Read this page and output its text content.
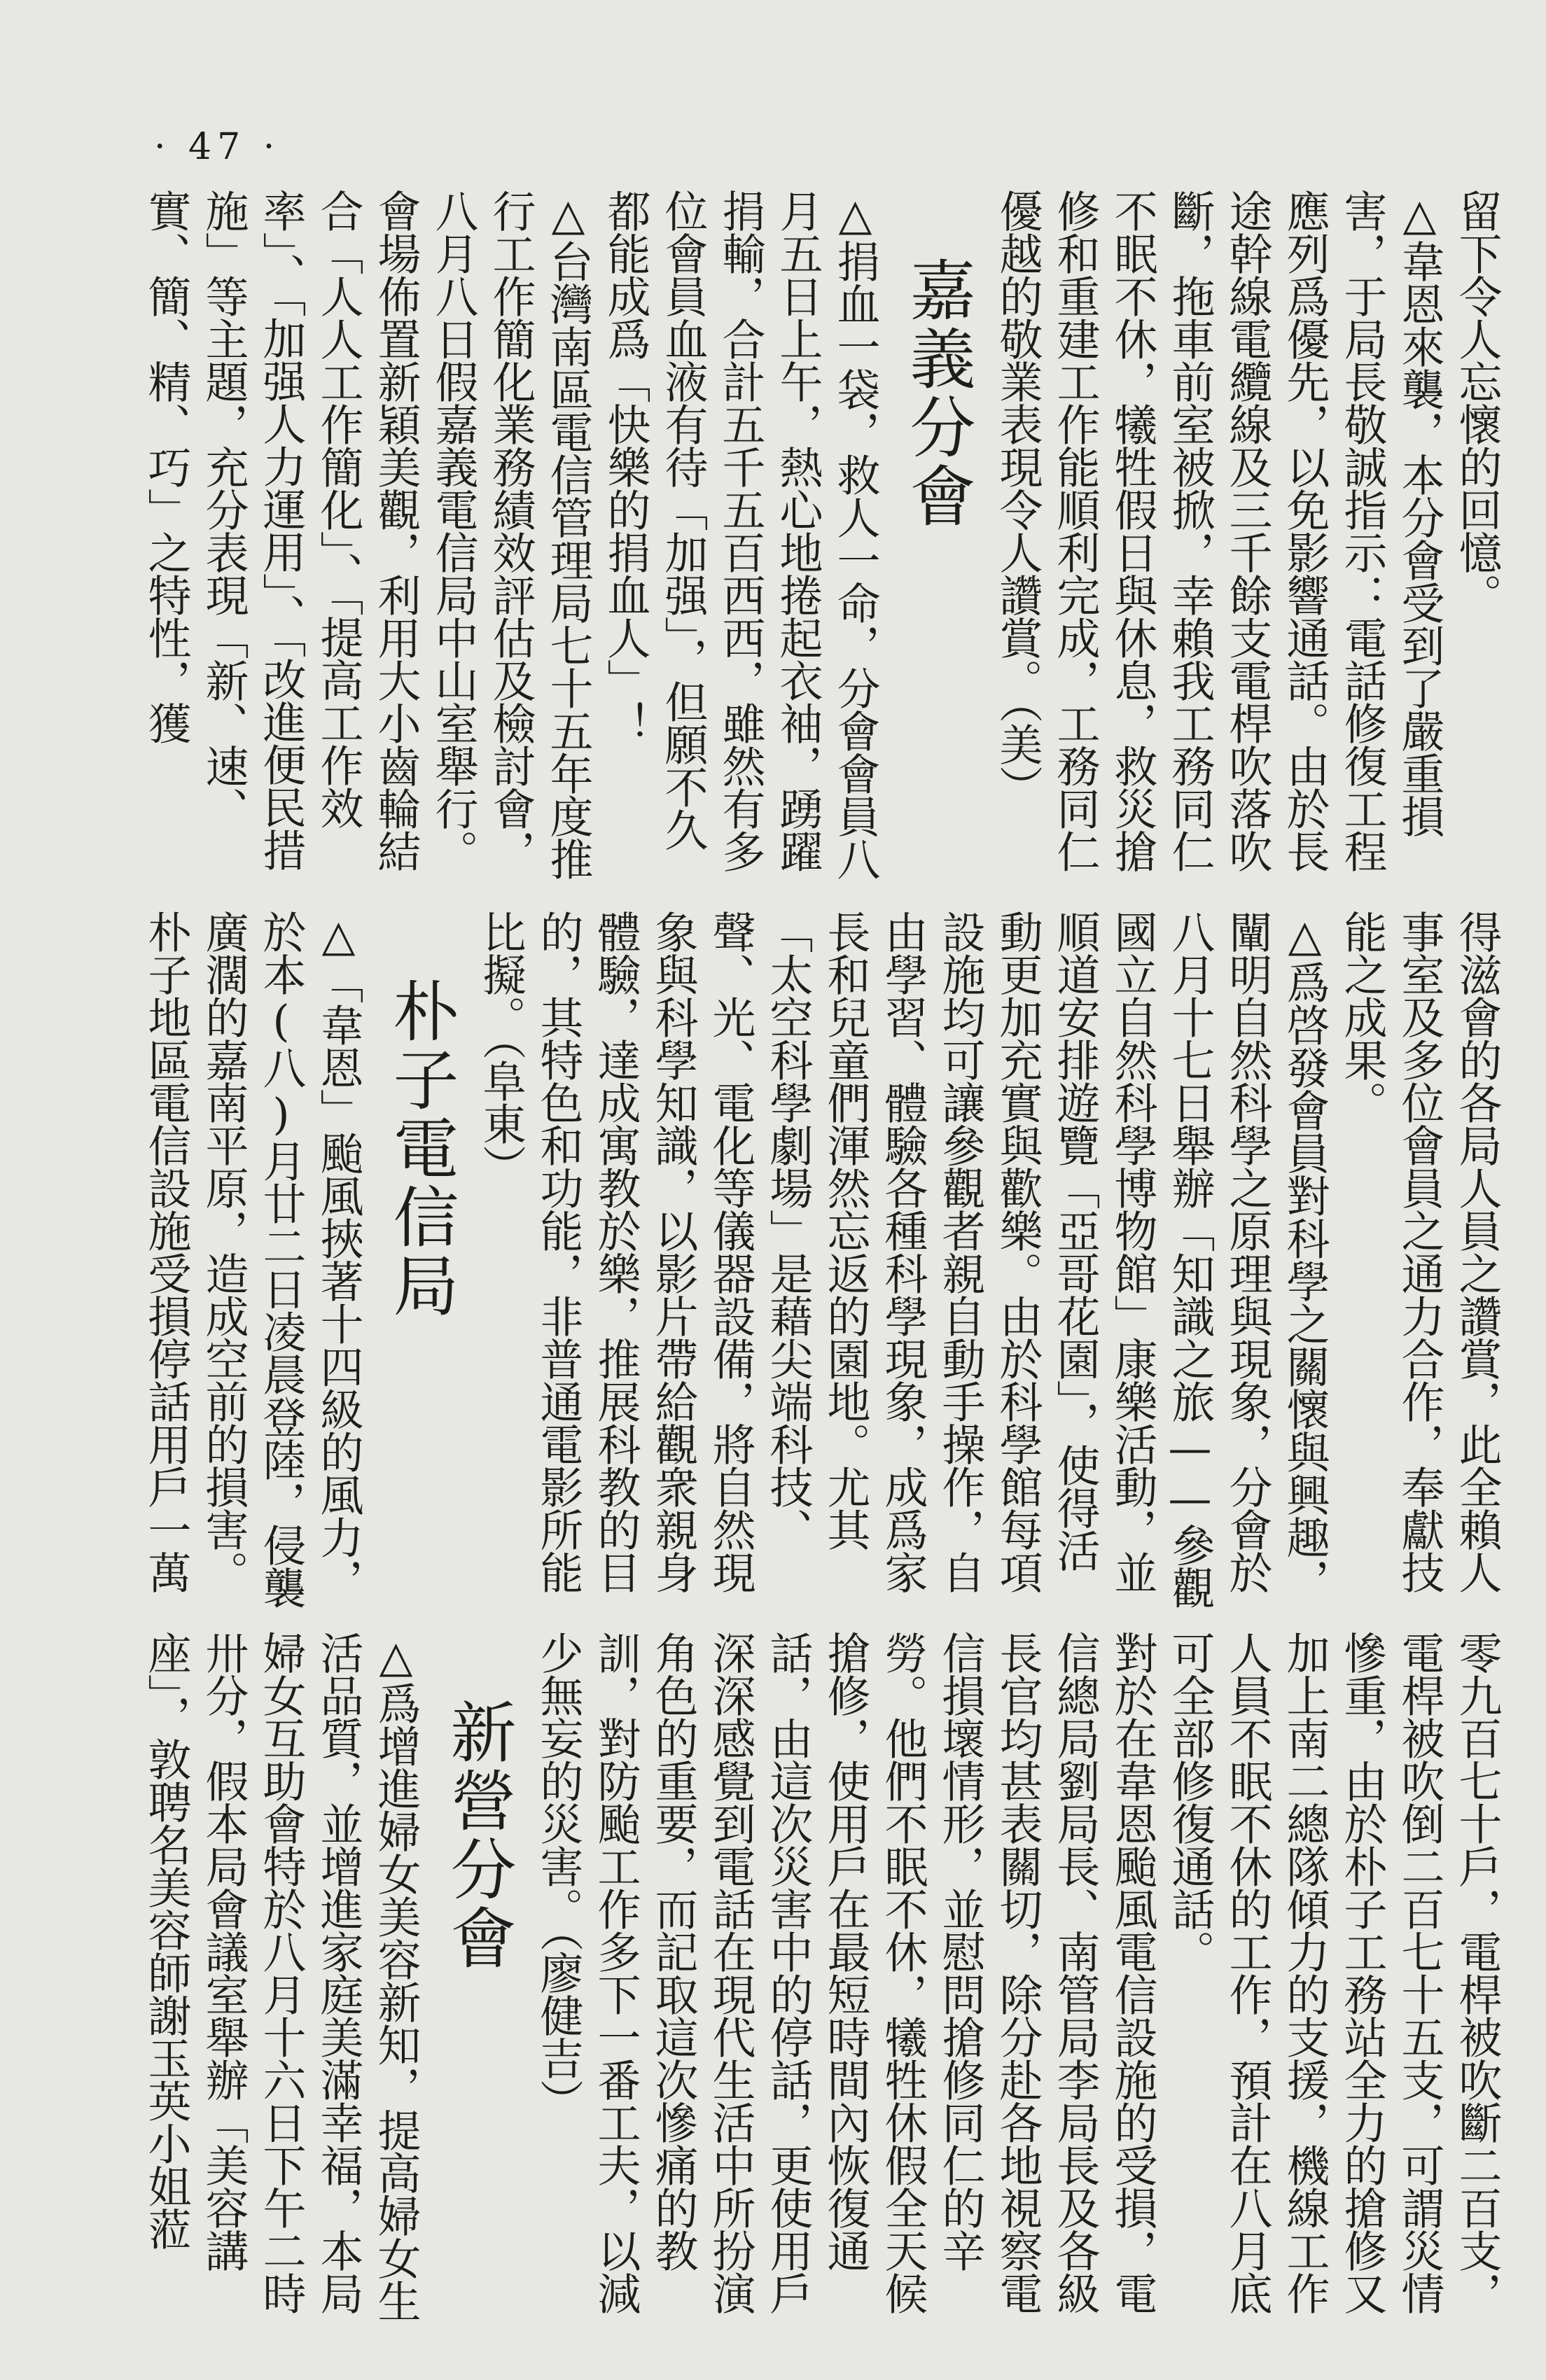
· 47 ·

留下令人忘懷的回憶。

△韋恩來襲，本分會受到了嚴重損害，于局長敬誠指示：電話修復工程應列爲優先，以免影響通話。由於長途幹線電纜線及三千餘支電桿吹落吹斷，拖車前室被掀，幸賴我工務同仁不眠不休，犧牲假日與休息，救災搶修和重建工作能順利完成，工務同仁優越的敬業表現令人讚賞。（美）

嘉義分會

△捐血一袋，救人一命，分會會員八月五日上午，熱心地捲起衣袖，踴躍捐輸，合計五千五百西西，雖然有多位會員血液有待「加强」，但願不久都能成爲「快樂的捐血人」！

△台灣南區電信管理局七十五年度推行工作簡化業務績效評估及檢討會，八月八日假嘉義電信局中山室舉行。會場佈置新穎美觀，利用大小齒輪結合「人人工作簡化」、「提高工作效率」、「加强人力運用」、「改進便民措施」等主題，充分表現「新、速、實、簡、精、巧」之特性，獲

得滋會的各局人員之讚賞，此全賴人事室及多位會員之通力合作，奉獻技能之成果。

△爲啓發會員對科學之關懷與興趣，闡明自然科學之原理與現象，分會於八月十七日舉辦「知識之旅——參觀國立自然科學博物館」康樂活動，並順道安排遊覽「亞哥花園」，使得活動更加充實與歡樂。由於科學館每項設施均可讓參觀者親自動手操作，自由學習、體驗各種科學現象，成爲家長和兒童們渾然忘返的園地。尤其「太空科學劇場」是藉尖端科技、聲、光、電化等儀器設備，將自然現象與科學知識，以影片帶給觀衆親身體驗，達成寓教於樂，推展科教的目的，其特色和功能，非普通電影所能比擬。（阜東）

朴子電信局

△「韋恩」颱風挾著十四級的風力，於本(八)月廿二日凌晨登陸，侵襲廣濶的嘉南平原，造成空前的損害。朴子地區電信設施受損停話用戶一萬

零九百七十戶，電桿被吹斷二百支，電桿被吹倒二百七十五支，可謂災情慘重，由於朴子工務站全力的搶修又加上南二總隊傾力的支援，機線工作人員不眠不休的工作，預計在八月底可全部修復通話。

對於在韋恩颱風電信設施的受損，電信總局劉局長、南管局李局長及各級長官均甚表關切，除分赴各地視察電信損壞情形，並慰問搶修同仁的辛勞。他們不眠不休，犧牲休假全天候搶修，使用戶在最短時間內恢復通話，由這次災害中的停話，更使用戶深深感覺到電話在現代生活中所扮演角色的重要，而記取這次慘痛的教訓，對防颱工作多下一番工夫，以減少無妄的災害。（廖健吉）

新營分會

△爲增進婦女美容新知，提高婦女生活品質，並增進家庭美滿幸福，本局婦女互助會特於八月十六日下午二時卅分，假本局會議室舉辦「美容講座」，敦聘名美容師謝玉英小姐蒞
